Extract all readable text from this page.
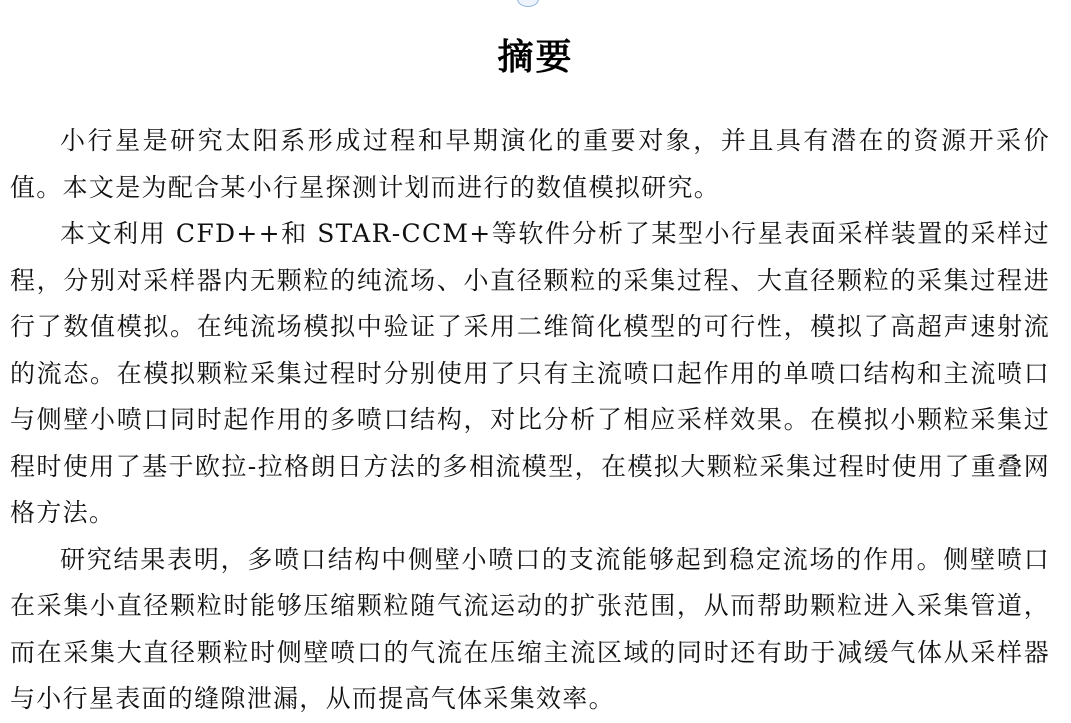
摘要

小行星是研究太阳系形成过程和早期演化的重要对象，并且具有潜在的资源开采价值。本文是为配合某小行星探测计划而进行的数值模拟研究。

本文利用 CFD++和 STAR-CCM+等软件分析了某型小行星表面采样装置的采样过程，分别对采样器内无颗粒的纯流场、小直径颗粒的采集过程、大直径颗粒的采集过程进行了数值模拟。在纯流场模拟中验证了采用二维简化模型的可行性，模拟了高超声速射流的流态。在模拟颗粒采集过程时分别使用了只有主流喷口起作用的单喷口结构和主流喷口与侧壁小喷口同时起作用的多喷口结构，对比分析了相应采样效果。在模拟小颗粒采集过程时使用了基于欧拉-拉格朗日方法的多相流模型，在模拟大颗粒采集过程时使用了重叠网格方法。

研究结果表明，多喷口结构中侧壁小喷口的支流能够起到稳定流场的作用。侧壁喷口在采集小直径颗粒时能够压缩颗粒随气流运动的扩张范围，从而帮助颗粒进入采集管道，而在采集大直径颗粒时侧壁喷口的气流在压缩主流区域的同时还有助于减缓气体从采样器与小行星表面的缝隙泄漏，从而提高气体采集效率。
